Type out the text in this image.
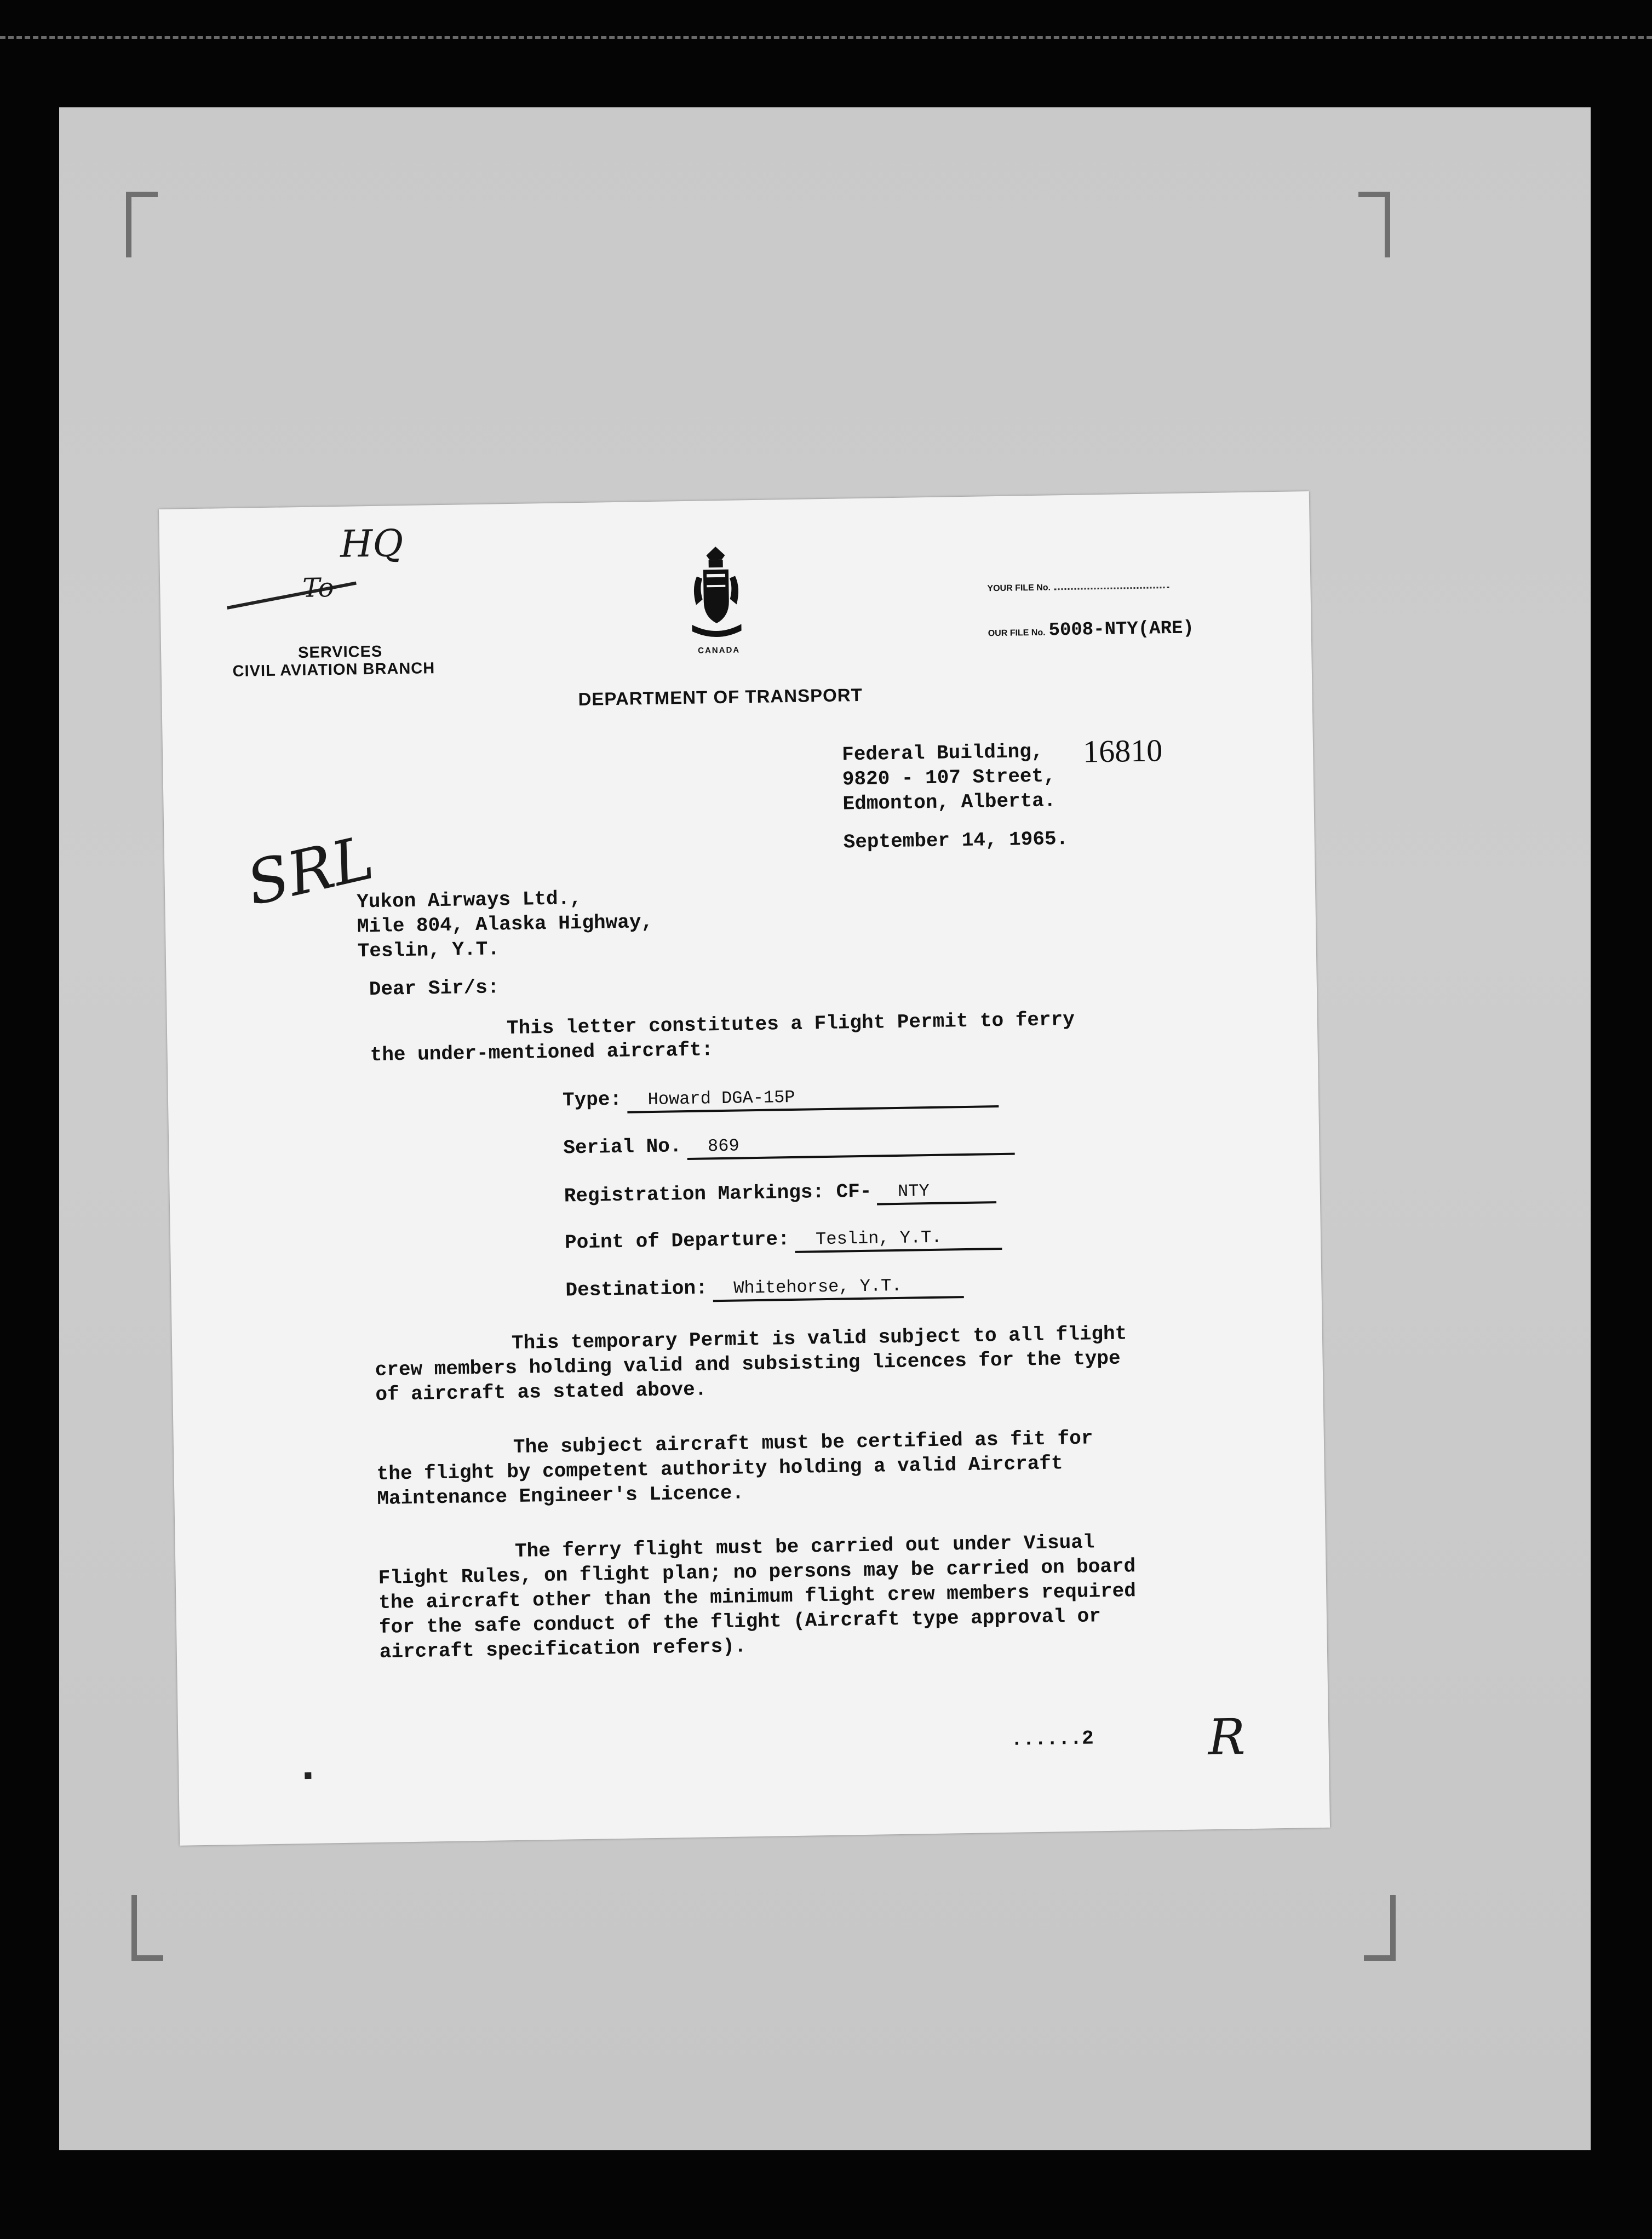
HQ
To
SERVICES
CIVIL AVIATION BRANCH
CANADA
DEPARTMENT OF TRANSPORT
YOUR FILE No.
OUR FILE No. 5008-NTY(ARE)
16810
Federal Building,
9820 - 107 Street,
Edmonton, Alberta.
September 14, 1965.
SRL
Yukon Airways Ltd.,
Mile 804, Alaska Highway,
Teslin, Y.T.
Dear Sir/s:
This letter constitutes a Flight Permit to ferry
the under-mentioned aircraft:
Type: Howard DGA-15P
Serial No. 869
Registration Markings: CF- NTY
Point of Departure: Teslin, Y.T.
Destination: Whitehorse, Y.T.
This temporary Permit is valid subject to all flight
crew members holding valid and subsisting licences for the type
of aircraft as stated above.
The subject aircraft must be certified as fit for
the flight by competent authority holding a valid Aircraft
Maintenance Engineer's Licence.
The ferry flight must be carried out under Visual
Flight Rules, on flight plan; no persons may be carried on board
the aircraft other than the minimum flight crew members required
for the safe conduct of the flight (Aircraft type approval or
aircraft specification refers).
......2 R
